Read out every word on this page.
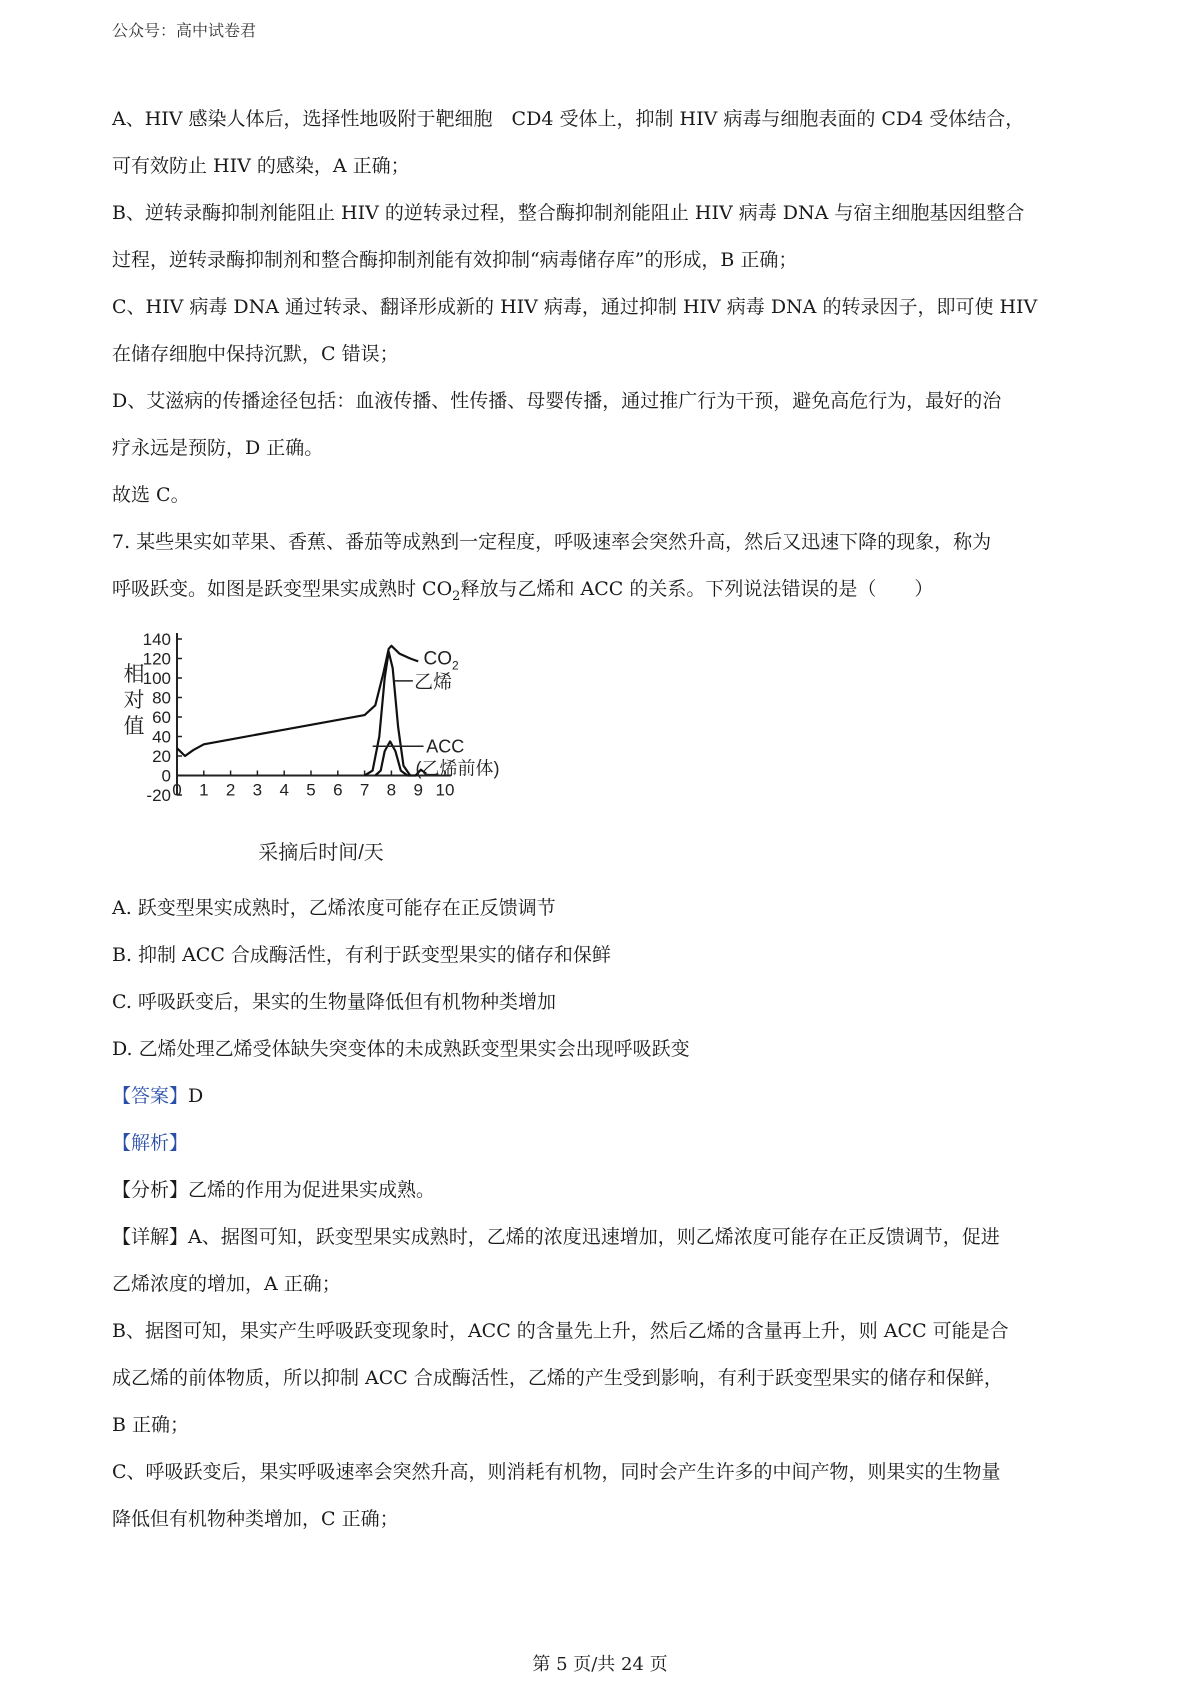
公众号：高中试卷君
A、HIV 感染人体后，选择性地吸附于靶细胞　CD4 受体上，抑制 HIV 病毒与细胞表面的 CD4 受体结合，
可有效防止 HIV 的感染，A 正确；
B、逆转录酶抑制剂能阻止 HIV 的逆转录过程，整合酶抑制剂能阻止 HIV 病毒 DNA 与宿主细胞基因组整合
过程，逆转录酶抑制剂和整合酶抑制剂能有效抑制“病毒储存库”的形成，B 正确；
C、HIV 病毒 DNA 通过转录、翻译形成新的 HIV 病毒，通过抑制 HIV 病毒 DNA 的转录因子，即可使 HIV
在储存细胞中保持沉默，C 错误；
D、艾滋病的传播途径包括：血液传播、性传播、母婴传播，通过推广行为干预，避免高危行为，最好的治
疗永远是预防，D 正确。
故选 C。
7. 某些果实如苹果、香蕉、番茄等成熟到一定程度，呼吸速率会突然升高，然后又迅速下降的现象，称为
呼吸跃变。如图是跃变型果实成熟时 $CO_2$释放与乙烯和 ACC 的关系。下列说法错误的是（　　）
140
120
100
80
60
40
20
0
-20 0 1 2 3 4 5 6 7 8 9 10
相
对
值
采摘后时间/天
$CO_2$
乙烯
ACC
(乙烯前体)
A. 跃变型果实成熟时，乙烯浓度可能存在正反馈调节
B. 抑制 ACC 合成酶活性，有利于跃变型果实的储存和保鲜
C. 呼吸跃变后，果实的生物量降低但有机物种类增加
D. 乙烯处理乙烯受体缺失突变体的未成熟跃变型果实会出现呼吸跃变
【答案】D
【解析】
【分析】乙烯的作用为促进果实成熟。
【详解】A、据图可知，跃变型果实成熟时，乙烯的浓度迅速增加，则乙烯浓度可能存在正反馈调节，促进
乙烯浓度的增加，A 正确；
B、据图可知，果实产生呼吸跃变现象时，ACC 的含量先上升，然后乙烯的含量再上升，则 ACC 可能是合
成乙烯的前体物质，所以抑制 ACC 合成酶活性，乙烯的产生受到影响，有利于跃变型果实的储存和保鲜，
B 正确；
C、呼吸跃变后，果实呼吸速率会突然升高，则消耗有机物，同时会产生许多的中间产物，则果实的生物量
降低但有机物种类增加，C 正确；
第 5 页/共 24 页
